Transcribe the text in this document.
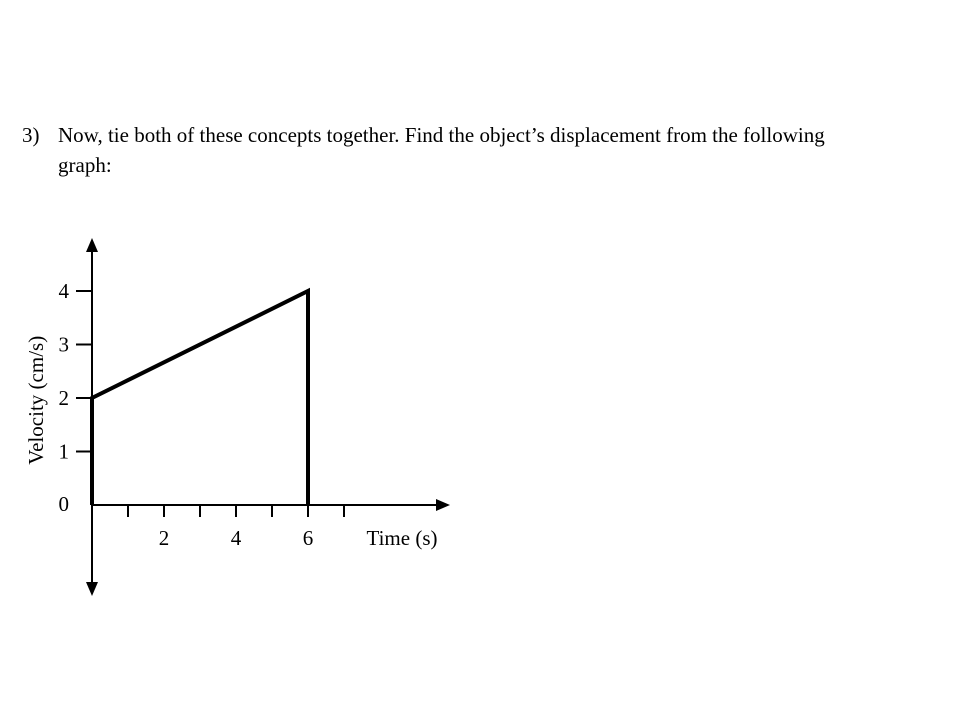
3) Now, tie both of these concepts together. Find the object’s displacement from the following
graph:
2	4	6
0
1
2
3
4
Time (s)
Velocity (cm/s)
